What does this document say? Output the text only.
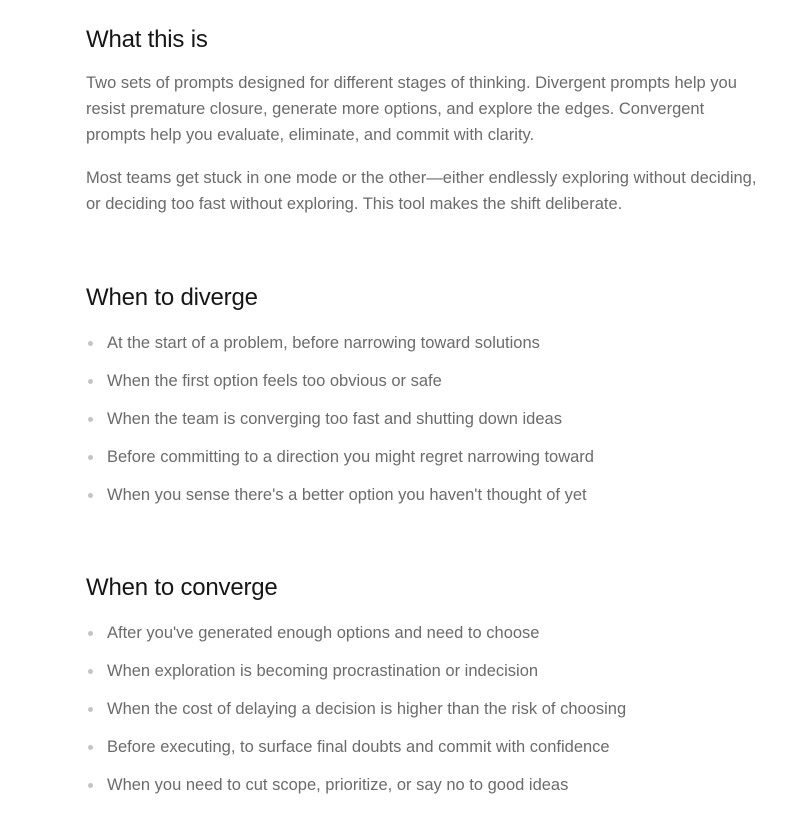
What this is

Two sets of prompts designed for different stages of thinking. Divergent prompts help you resist premature closure, generate more options, and explore the edges. Convergent prompts help you evaluate, eliminate, and commit with clarity.

Most teams get stuck in one mode or the other—either endlessly exploring without deciding, or deciding too fast without exploring. This tool makes the shift deliberate.

When to diverge
At the start of a problem, before narrowing toward solutions
When the first option feels too obvious or safe
When the team is converging too fast and shutting down ideas
Before committing to a direction you might regret narrowing toward
When you sense there's a better option you haven't thought of yet
When to converge
After you've generated enough options and need to choose
When exploration is becoming procrastination or indecision
When the cost of delaying a decision is higher than the risk of choosing
Before executing, to surface final doubts and commit with confidence
When you need to cut scope, prioritize, or say no to good ideas
